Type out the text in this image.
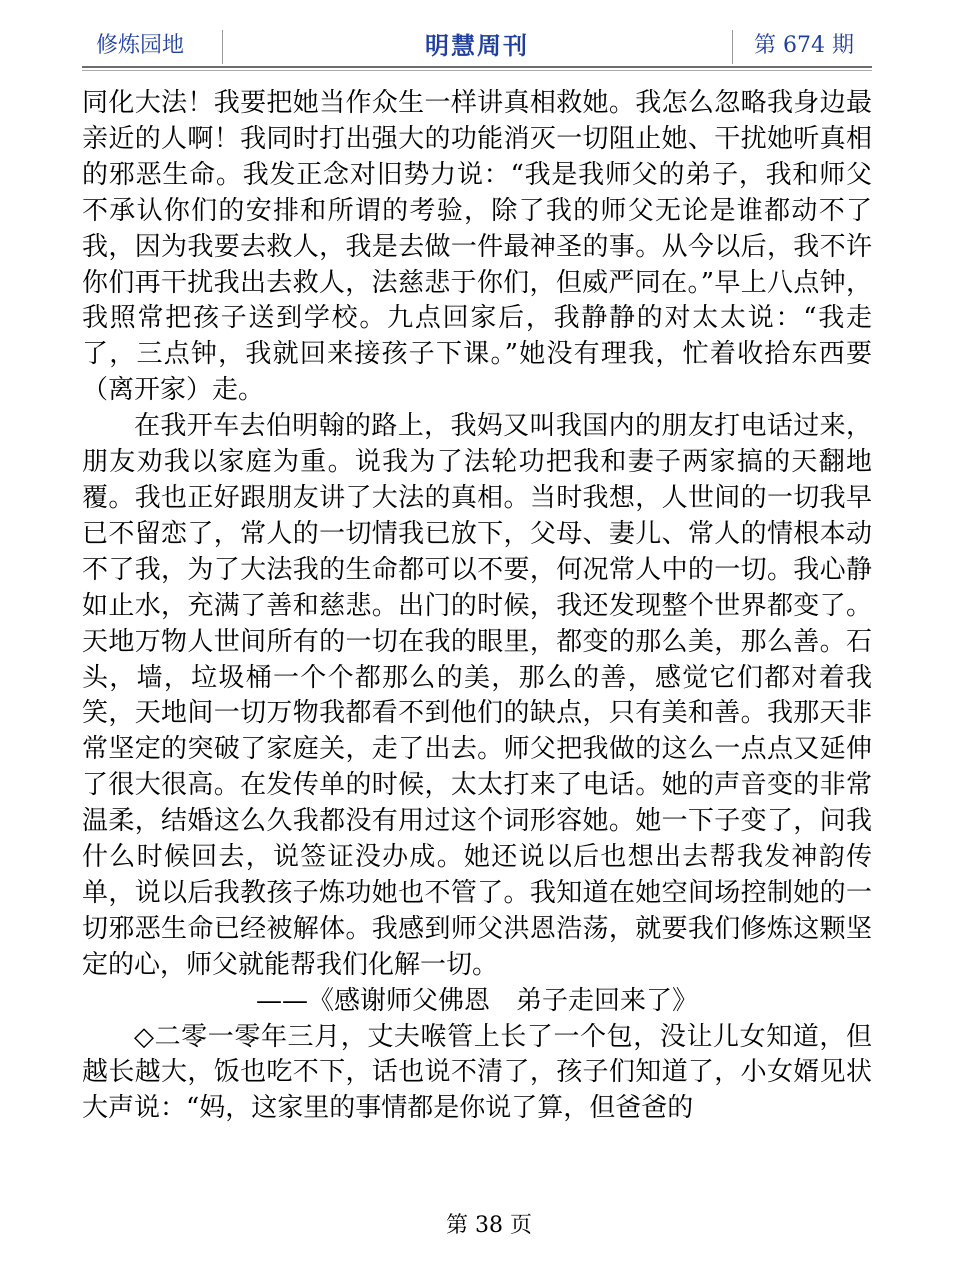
修炼园地	明慧周刊	第 674 期

同化大法！我要把她当作众生一样讲真相救她。我怎么忽略我身边最亲近的人啊！我同时打出强大的功能消灭一切阻止她、干扰她听真相的邪恶生命。我发正念对旧势力说：“我是我师父的弟子，我和师父不承认你们的安排和所谓的考验，除了我的师父无论是谁都动不了我，因为我要去救人，我是去做一件最神圣的事。从今以后，我不许你们再干扰我出去救人，法慈悲于你们，但威严同在。”早上八点钟，我照常把孩子送到学校。九点回家后，我静静的对太太说：“我走了，三点钟，我就回来接孩子下课。”她没有理我，忙着收拾东西要（离开家）走。

在我开车去伯明翰的路上，我妈又叫我国内的朋友打电话过来，朋友劝我以家庭为重。说我为了法轮功把我和妻子两家搞的天翻地覆。我也正好跟朋友讲了大法的真相。当时我想，人世间的一切我早已不留恋了，常人的一切情我已放下，父母、妻儿、常人的情根本动不了我，为了大法我的生命都可以不要，何况常人中的一切。我心静如止水，充满了善和慈悲。出门的时候，我还发现整个世界都变了。天地万物人世间所有的一切在我的眼里，都变的那么美，那么善。石头，墙，垃圾桶一个个都那么的美，那么的善，感觉它们都对着我笑，天地间一切万物我都看不到他们的缺点，只有美和善。我那天非常坚定的突破了家庭关，走了出去。师父把我做的这么一点点又延伸了很大很高。在发传单的时候，太太打来了电话。她的声音变的非常温柔，结婚这么久我都没有用过这个词形容她。她一下子变了，问我什么时候回去，说签证没办成。她还说以后也想出去帮我发神韵传单，说以后我教孩子炼功她也不管了。我知道在她空间场控制她的一切邪恶生命已经被解体。我感到师父洪恩浩荡，就要我们修炼这颗坚定的心，师父就能帮我们化解一切。

——《感谢师父佛恩　弟子走回来了》

◇二零一零年三月，丈夫喉管上长了一个包，没让儿女知道，但越长越大，饭也吃不下，话也说不清了，孩子们知道了，小女婿见状大声说：“妈，这家里的事情都是你说了算，但爸爸的

第 38 页
